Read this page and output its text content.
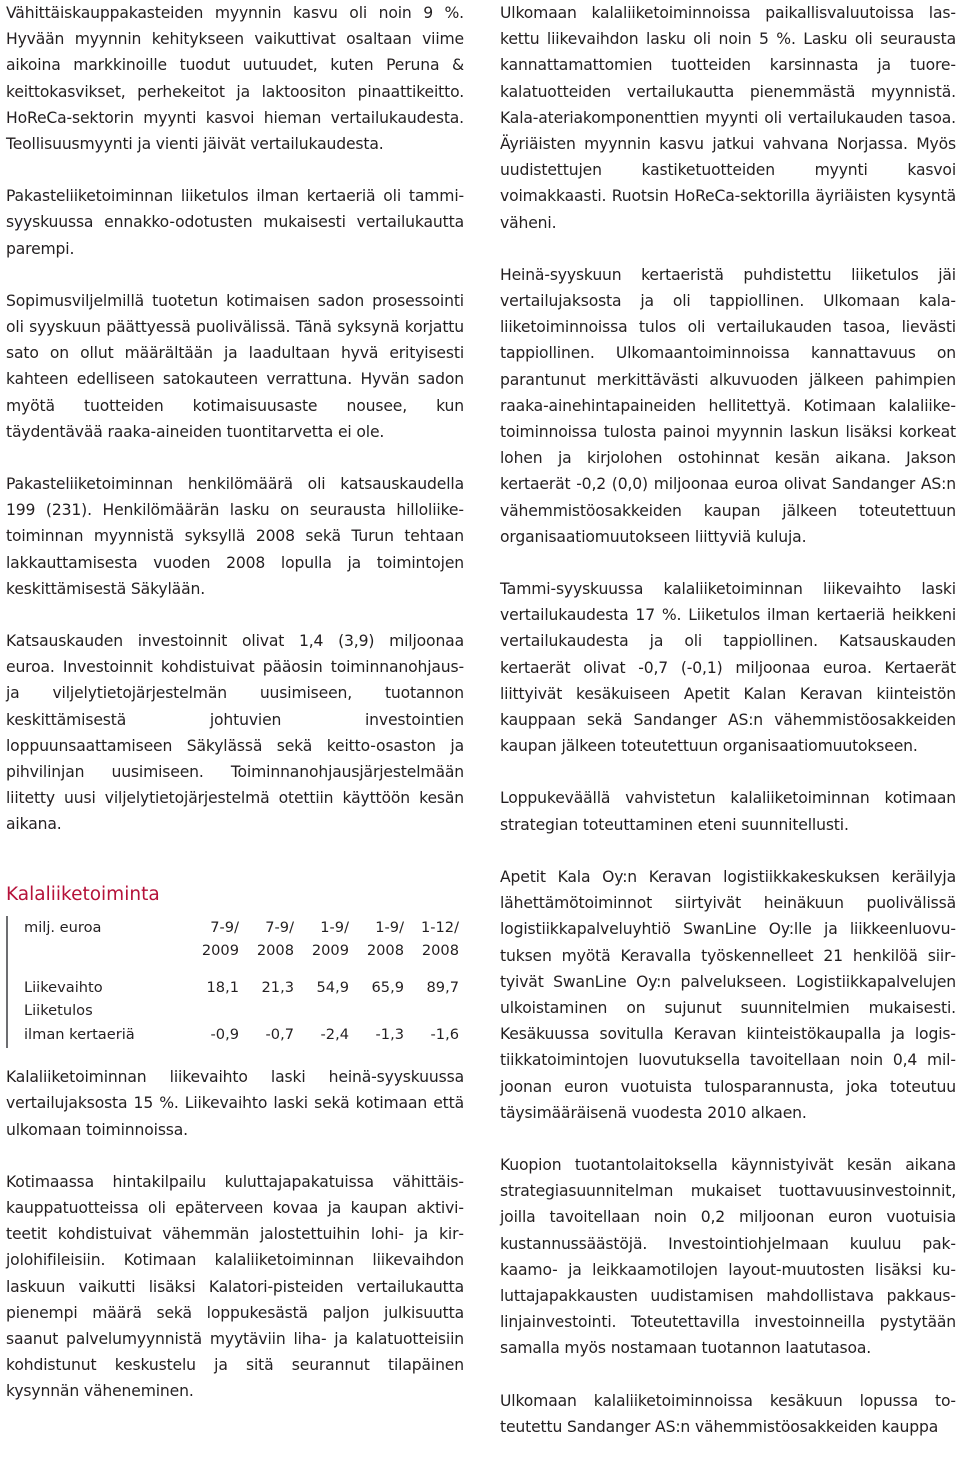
Vähittäiskauppakasteiden myynnin kasvu oli noin 9 %. Hyvään myynnin kehitykseen vaikuttivat osaltaan viime aikoina markkinoille tuodut uutuudet, kuten Peruna & keittokasvikset, perhekeitot ja laktoositon pinaattikeitto. HoReCa-sektorin myynti kasvoi hieman vertailukaudesta. Teollisuusmyynti ja vienti jäivät vertailukaudesta.

Pakasteliiketoiminnan liiketulos ilman kertaeriä oli tammi-syyskuussa ennakko-odotusten mukaisesti vertailukautta parempi.

Sopimusviljelmillä tuotetun kotimaisen sadon prosessointi oli syyskuun päättyessä puolivälissä. Tänä syksynä korjattu sato on ollut määrältään ja laadultaan hyvä erityisesti kahteen edelliseen satokauteen verrattuna. Hyvän sadon myötä tuotteiden kotimaisuusaste nousee, kun täydentävää raaka-aineiden tuontitarvetta ei ole.

Pakasteliiketoiminnan henkilömäärä oli katsauskaudella 199 (231). Henkilömäärän lasku on seurausta hilloliiketoiminnan myynnistä syksyllä 2008 sekä Turun tehtaan lakkauttamisesta vuoden 2008 lopulla ja toimintojen keskittämisestä Säkylään.

Katsauskauden investoinnit olivat 1,4 (3,9) miljoonaa euroa. Investoinnit kohdistuivat pääosin toiminnanohjaus- ja viljelytietojärjestelmän uusimiseen, tuotannon keskittämisestä johtuvien investointien loppuunsaattamiseen Säkylässä sekä keitto-osaston ja pihvilinjan uusimiseen. Toiminnanohjausjärjestelmään liitetty uusi viljelytietojärjestelmä otettiin käyttöön kesän aikana.

Kalaliiketoiminta
milj. euroa	7-9/	7-9/	1-9/	1-9/	1-12/
2009	2008	2009	2008	2008
Liikevaihto	18,1	21,3	54,9	65,9	89,7
Liiketulos
ilman kertaeriä	-0,9	-0,7	-2,4	-1,3	-1,6

Kalaliiketoiminnan liikevaihto laski heinä-syyskuussa vertailujaksosta 15 %. Liikevaihto laski sekä kotimaan että ulkomaan toiminnoissa.

Kotimaassa hintakilpailu kuluttajapakatuissa vähittäiskauppatuotteissa oli epäterveen kovaa ja kaupan aktiviteetit kohdistuivat vähemmän jalostettuihin lohi- ja kirjolohifileisiin. Kotimaan kalaliiketoiminnan liikevaihdon laskuun vaikutti lisäksi Kalatori-pisteiden vertailukautta pienempi määrä sekä loppukesästä paljon julkisuutta saanut palvelumyynnistä myytäviin liha- ja kalatuotteisiin kohdistunut keskustelu ja sitä seurannut tilapäinen kysynnän väheneminen.

Ulkomaan kalaliiketoiminnoissa paikallisvaluutoissa laskettu liikevaihdon lasku oli noin 5 %. Lasku oli seurausta kannattamattomien tuotteiden karsinnasta ja tuorekalatuotteiden vertailukautta pienemmästä myynnistä. Kala-ateriakomponenttien myynti oli vertailukauden tasoa. Äyriäisten myynnin kasvu jatkui vahvana Norjassa. Myös uudistettujen kastiketuotteiden myynti kasvoi voimakkaasti. Ruotsin HoReCa-sektorilla äyriäisten kysyntä väheni.

Heinä-syyskuun kertaeristä puhdistettu liiketulos jäi vertailujaksosta ja oli tappiollinen. Ulkomaan kalaliiketoiminnoissa tulos oli vertailukauden tasoa, lievästi tappiollinen. Ulkomaantoiminnoissa kannattavuus on parantunut merkittävästi alkuvuoden jälkeen pahimpien raaka-ainehintapaineiden hellitettyä. Kotimaan kalaliiketoiminnoissa tulosta painoi myynnin laskun lisäksi korkeat lohen ja kirjolohen ostohinnat kesän aikana. Jakson kertaerät -0,2 (0,0) miljoonaa euroa olivat Sandanger AS:n vähemmistöosakkeiden kaupan jälkeen toteutettuun organisaatiomuutokseen liittyviä kuluja.

Tammi-syyskuussa kalaliiketoiminnan liikevaihto laski vertailukaudesta 17 %. Liiketulos ilman kertaeriä heikkeni vertailukaudesta ja oli tappiollinen. Katsauskauden kertaerät olivat -0,7 (-0,1) miljoonaa euroa. Kertaerät liittyivät kesäkuiseen Apetit Kalan Keravan kiinteistön kauppaan sekä Sandanger AS:n vähemmistöosakkeiden kaupan jälkeen toteutettuun organisaatiomuutokseen.

Loppukeväällä vahvistetun kalaliiketoiminnan kotimaan strategian toteuttaminen eteni suunnitellusti.

Apetit Kala Oy:n Keravan logistiikkakeskuksen keräilyja lähettämötoiminnot siirtyivät heinäkuun puolivälissä logistiikkapalveluyhtiö SwanLine Oy:lle ja liikkeenluovutuksen myötä Keravalla työskennelleet 21 henkilöä siirtyivät SwanLine Oy:n palvelukseen. Logistiikkapalvelujen ulkoistaminen on sujunut suunnitelmien mukaisesti. Kesäkuussa sovitulla Keravan kiinteistökaupalla ja logistiikkatoimintojen luovutuksella tavoitellaan noin 0,4 miljoonan euron vuotuista tulosparannusta, joka toteutuu täysimääräisenä vuodesta 2010 alkaen.

Kuopion tuotantolaitoksella käynnistyivät kesän aikana strategiasuunnitelman mukaiset tuottavuusinvestoinnit, joilla tavoitellaan noin 0,2 miljoonan euron vuotuisia kustannussäästöjä. Investointiohjelmaan kuuluu pakkaamo- ja leikkaamotilojen layout-muutosten lisäksi kuluttajapakkausten uudistamisen mahdollistava pakkauslinjainvestointi. Toteutettavilla investoinneilla pystytään samalla myös nostamaan tuotannon laatutasoa.

Ulkomaan kalaliiketoiminnoissa kesäkuun lopussa toteutettu Sandanger AS:n vähemmistöosakkeiden kauppa
